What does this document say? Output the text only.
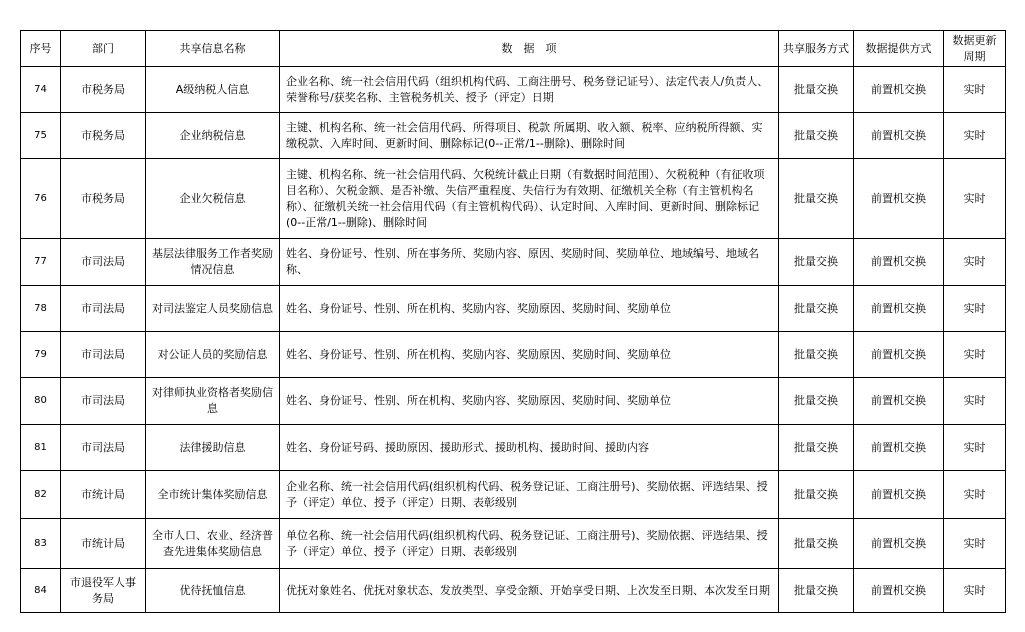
序号	部门	共享信息名称	数　据　项	共享服务方式	数据提供方式	数据更新周期
74	市税务局	A级纳税人信息	企业名称、统一社会信用代码（组织机构代码、工商注册号、税务登记证号）、法定代表人/负责人、荣誉称号/获奖名称、主管税务机关、授予（评定）日期	批量交换	前置机交换	实时
75	市税务局	企业纳税信息	主键、机构名称、统一社会信用代码、所得项目、税款 所属期、收入额、税率、应纳税所得额、实缴税款、入库时间、更新时间、删除标记(0--正常/1--删除)、删除时间	批量交换	前置机交换	实时
76	市税务局	企业欠税信息	主键、机构名称、统一社会信用代码、欠税统计截止日期（有数据时间范围）、欠税税种（有征收项目名称）、欠税金额、是否补缴、失信严重程度、失信行为有效期、征缴机关全称（有主管机构名称）、征缴机关统一社会信用代码（有主管机构代码）、认定时间、入库时间、更新时间、删除标记(0--正常/1--删除)、删除时间	批量交换	前置机交换	实时
77	市司法局	基层法律服务工作者奖励情况信息	姓名、身份证号、性别、所在事务所、奖励内容、原因、奖励时间、奖励单位、地域编号、地域名称、	批量交换	前置机交换	实时
78	市司法局	对司法鉴定人员奖励信息	姓名、身份证号、性别、所在机构、奖励内容、奖励原因、奖励时间、奖励单位	批量交换	前置机交换	实时
79	市司法局	对公证人员的奖励信息	姓名、身份证号、性别、所在机构、奖励内容、奖励原因、奖励时间、奖励单位	批量交换	前置机交换	实时
80	市司法局	对律师执业资格者奖励信息	姓名、身份证号、性别、所在机构、奖励内容、奖励原因、奖励时间、奖励单位	批量交换	前置机交换	实时
81	市司法局	法律援助信息	姓名、身份证号码、援助原因、援助形式、援助机构、援助时间、援助内容	批量交换	前置机交换	实时
82	市统计局	全市统计集体奖励信息	企业名称、统一社会信用代码(组织机构代码、税务登记证、工商注册号)、奖励依据、评选结果、授予（评定）单位、授予（评定）日期、表彰级别	批量交换	前置机交换	实时
83	市统计局	全市人口、农业、经济普查先进集体奖励信息	单位名称、统一社会信用代码(组织机构代码、税务登记证、工商注册号)、奖励依据、评选结果、授予（评定）单位、授予（评定）日期、表彰级别	批量交换	前置机交换	实时
84	市退役军人事务局	优待抚恤信息	优抚对象姓名、优抚对象状态、发放类型、享受金额、开始享受日期、上次发至日期、本次发至日期	批量交换	前置机交换	实时
